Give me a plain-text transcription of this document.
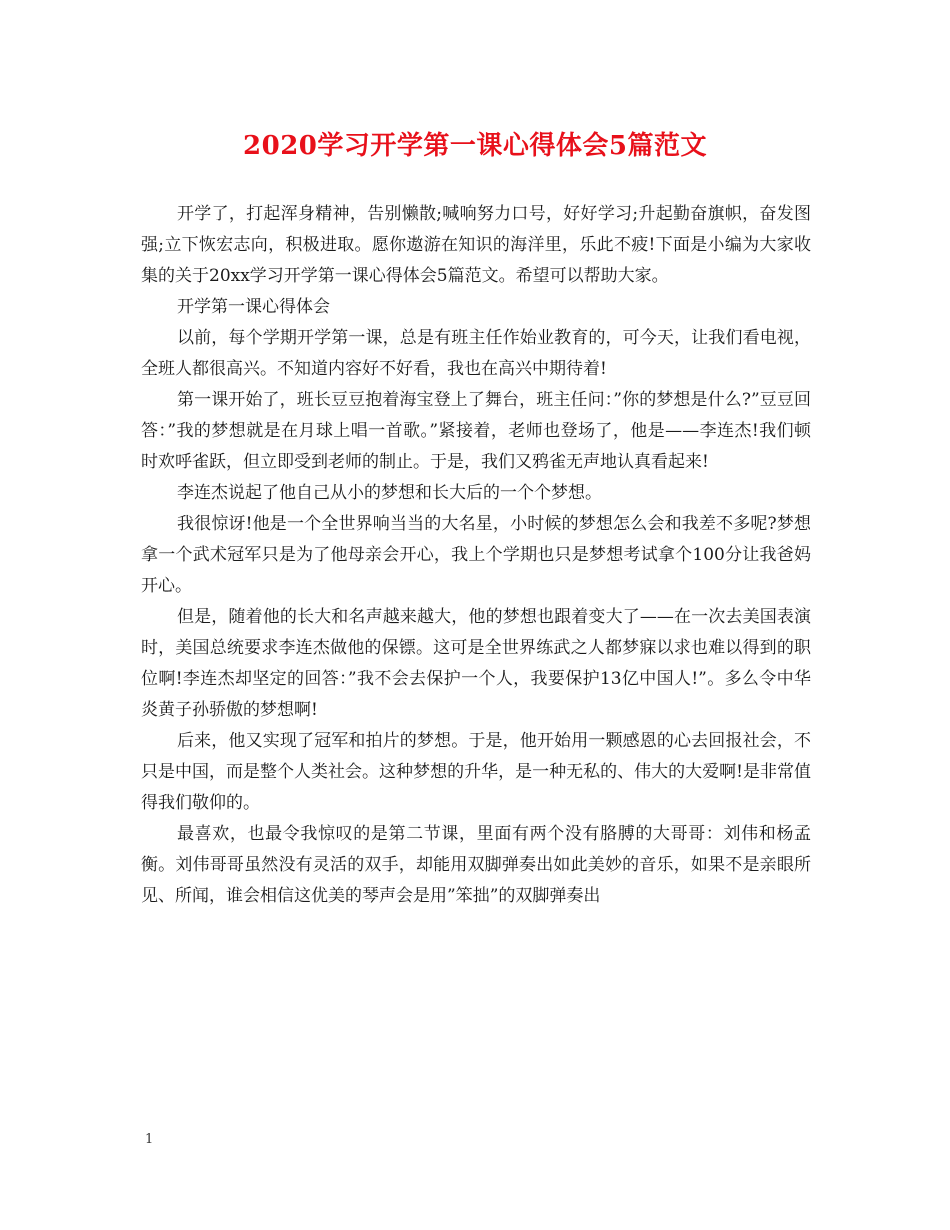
2020学习开学第一课心得体会5篇范文

开学了，打起浑身精神，告别懒散;喊响努力口号，好好学习;升起勤奋旗帜，奋发图强;立下恢宏志向，积极进取。愿你遨游在知识的海洋里，乐此不疲!下面是小编为大家收集的关于20xx学习开学第一课心得体会5篇范文。希望可以帮助大家。

开学第一课心得体会

以前，每个学期开学第一课，总是有班主任作始业教育的，可今天，让我们看电视，全班人都很高兴。不知道内容好不好看，我也在高兴中期待着!

第一课开始了，班长豆豆抱着海宝登上了舞台，班主任问：”你的梦想是什么?”豆豆回答：”我的梦想就是在月球上唱一首歌。”紧接着，老师也登场了，他是——李连杰!我们顿时欢呼雀跃，但立即受到老师的制止。于是，我们又鸦雀无声地认真看起来!

李连杰说起了他自己从小的梦想和长大后的一个个梦想。

我很惊讶!他是一个全世界响当当的大名星，小时候的梦想怎么会和我差不多呢?梦想拿一个武术冠军只是为了他母亲会开心，我上个学期也只是梦想考试拿个100分让我爸妈开心。

但是，随着他的长大和名声越来越大，他的梦想也跟着变大了——在一次去美国表演时，美国总统要求李连杰做他的保镖。这可是全世界练武之人都梦寐以求也难以得到的职位啊!李连杰却坚定的回答：”我不会去保护一个人，我要保护13亿中国人!”。多么令中华炎黄子孙骄傲的梦想啊!

后来，他又实现了冠军和拍片的梦想。于是，他开始用一颗感恩的心去回报社会，不只是中国，而是整个人类社会。这种梦想的升华，是一种无私的、伟大的大爱啊!是非常值得我们敬仰的。

最喜欢，也最令我惊叹的是第二节课，里面有两个没有胳膊的大哥哥：刘伟和杨孟衡。刘伟哥哥虽然没有灵活的双手，却能用双脚弹奏出如此美妙的音乐，如果不是亲眼所见、所闻，谁会相信这优美的琴声会是用”笨拙”的双脚弹奏出

1
